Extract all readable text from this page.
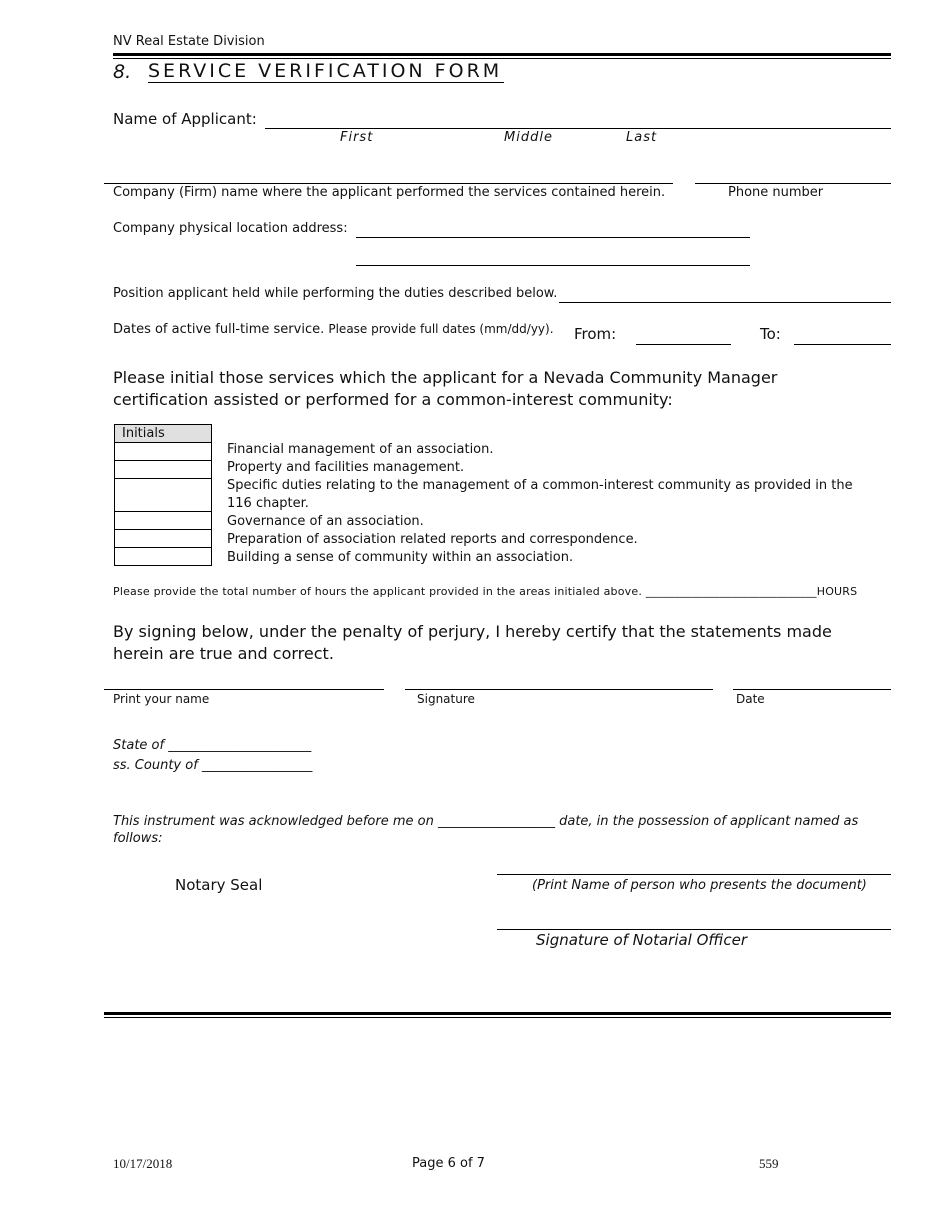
NV Real Estate Division
8. SERVICE VERIFICATION FORM
Name of Applicant:
First	Middle	Last
Company (Firm) name where the applicant performed the services contained herein.	Phone number
Company physical location address:
Position applicant held while performing the duties described below.
Dates of active full-time service. Please provide full dates (mm/dd/yy). From:	To:
Please initial those services which the applicant for a Nevada Community Manager certification assisted or performed for a common-interest community:
Initials

Financial management of an association.
Property and facilities management.
Specific duties relating to the management of a common-interest community as provided in the 116 chapter.
Governance of an association.
Preparation of association related reports and correspondence.
Building a sense of community within an association.
Please provide the total number of hours the applicant provided in the areas initialed above. ______________________________HOURS
By signing below, under the penalty of perjury, I hereby certify that the statements made herein are true and correct.
Print your name	Signature	Date
State of ______________________
ss. County of _________________
This instrument was acknowledged before me on __________________ date, in the possession of applicant named as follows:
Notary Seal	(Print Name of person who presents the document)
Signature of Notarial Officer
10/17/2018	Page 6 of 7	559
